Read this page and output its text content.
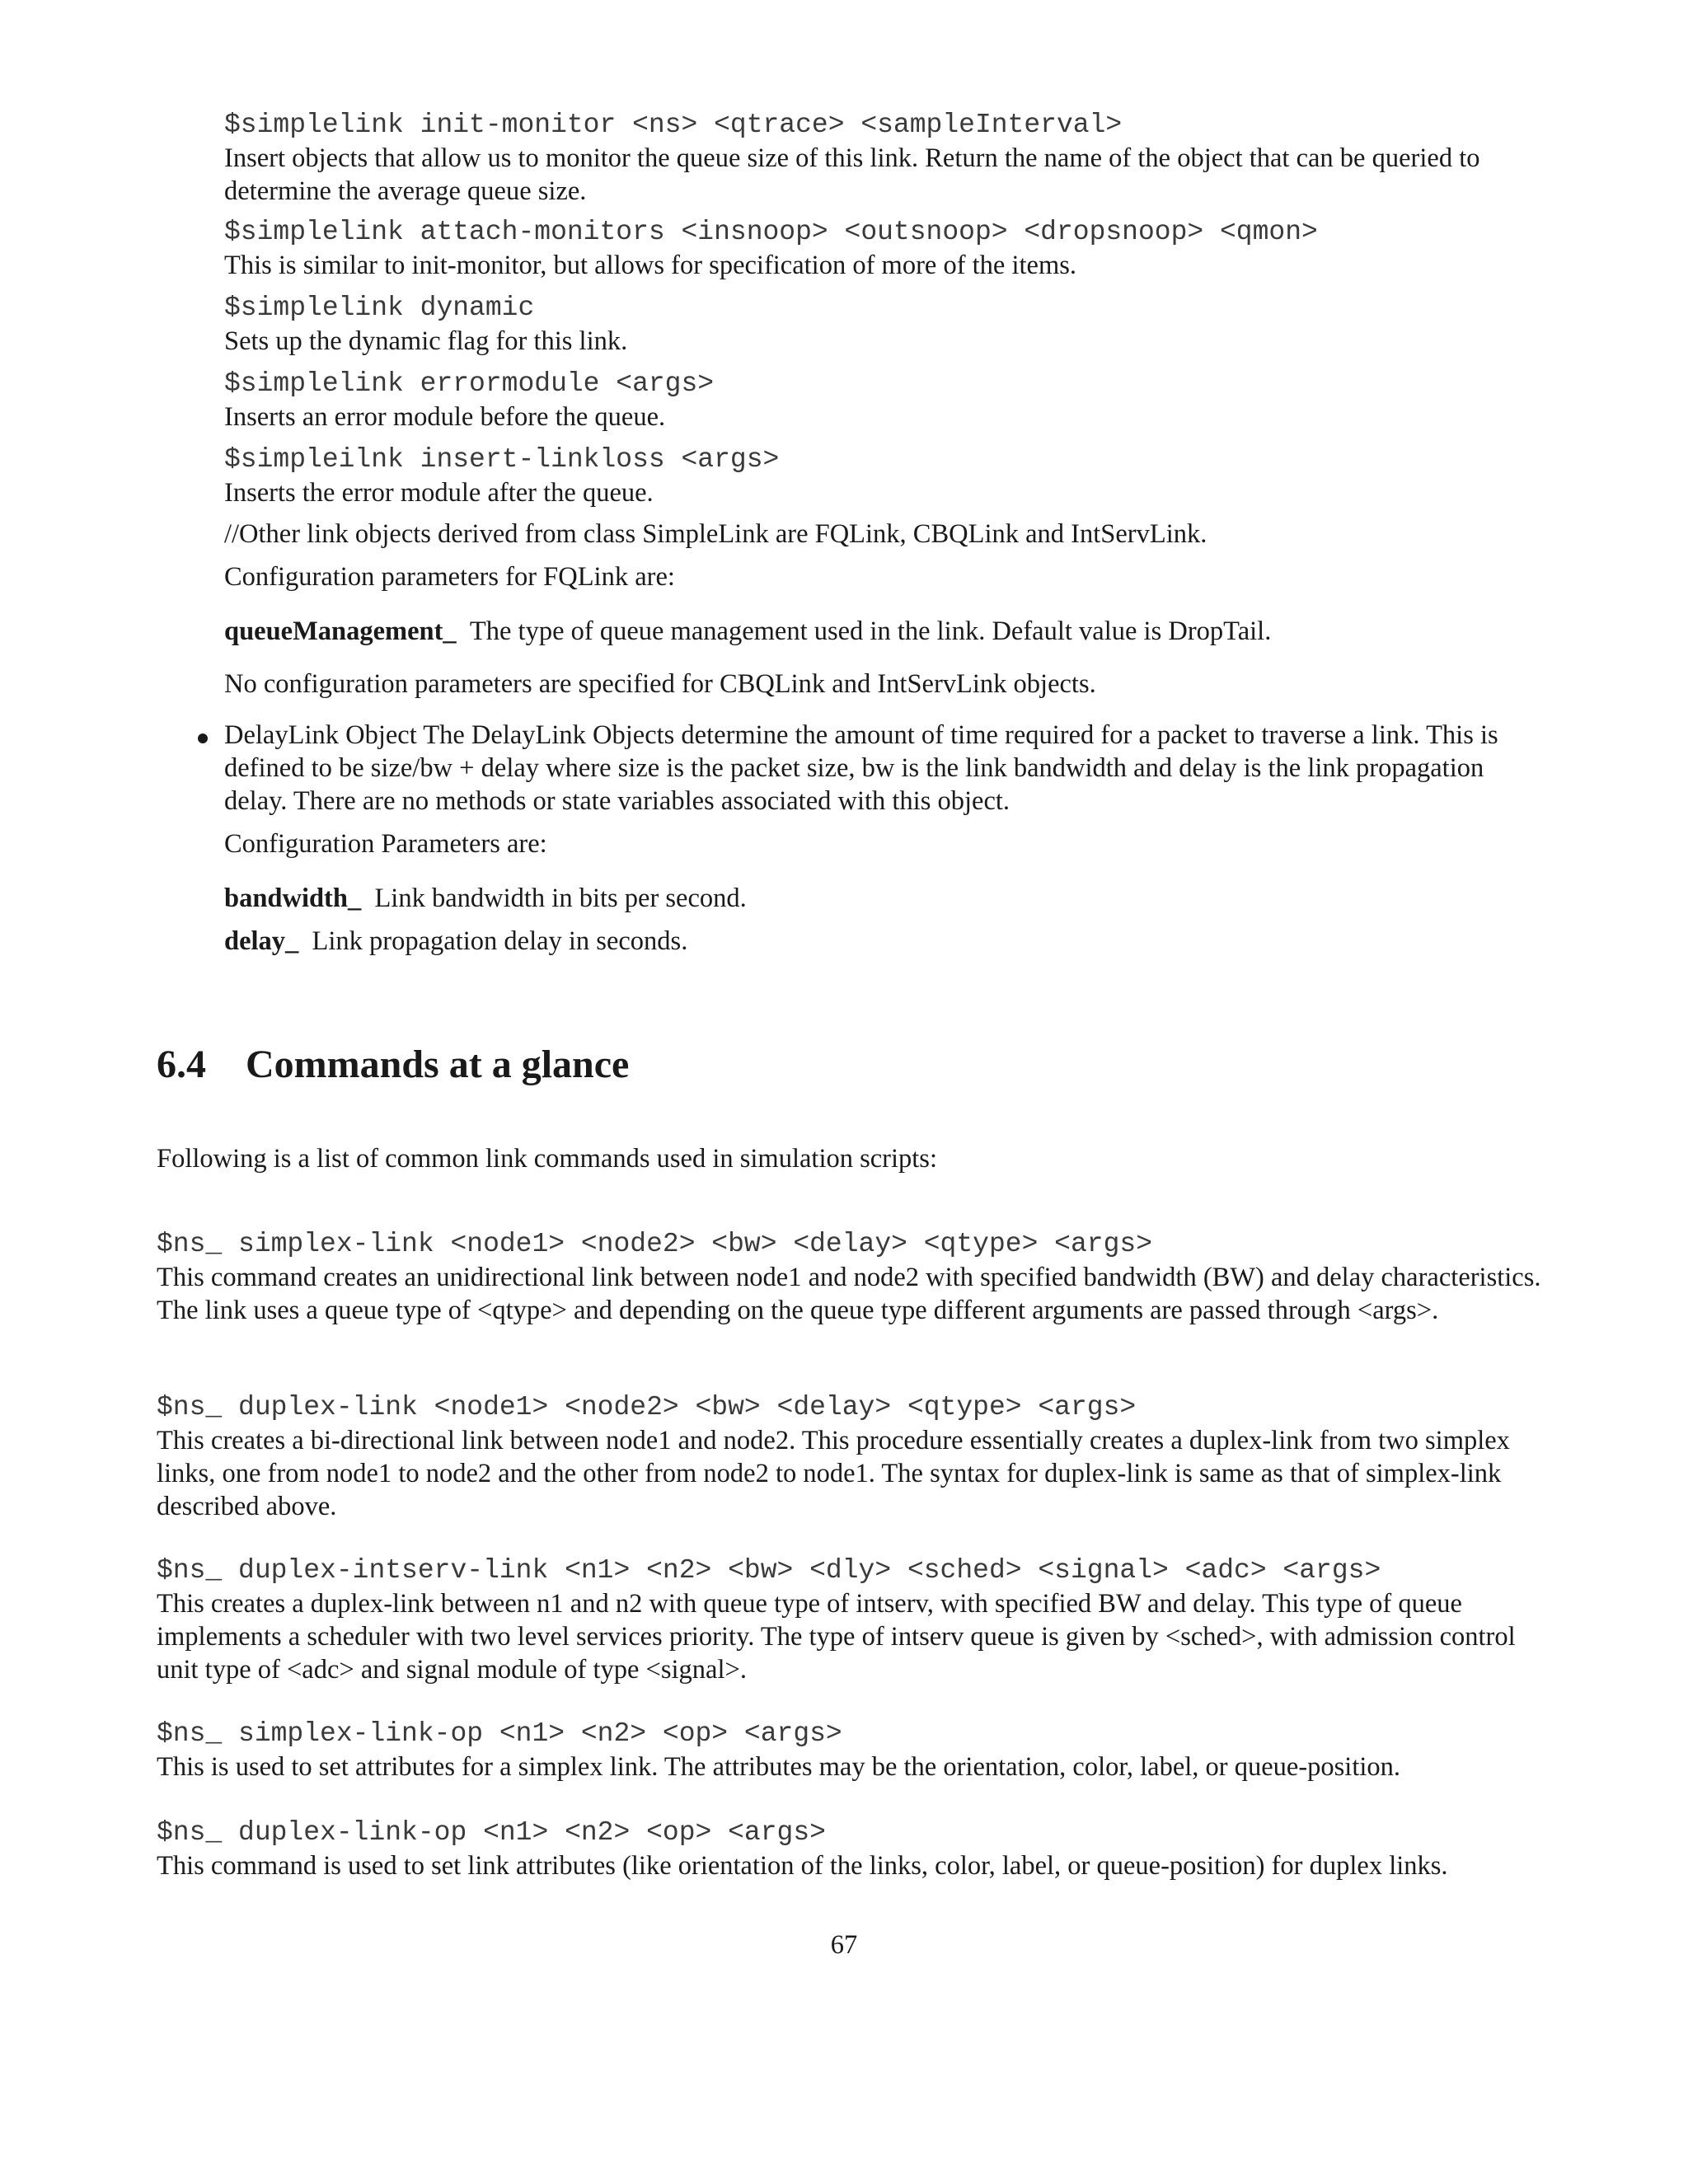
$simplelink init-monitor <ns> <qtrace> <sampleInterval>
Insert objects that allow us to monitor the queue size of this link. Return the name of the object that can be queried to determine the average queue size.
$simplelink attach-monitors <insnoop> <outsnoop> <dropsnoop> <qmon>
This is similar to init-monitor, but allows for specification of more of the items.
$simplelink dynamic
Sets up the dynamic flag for this link.
$simplelink errormodule <args>
Inserts an error module before the queue.
$simpleilnk insert-linkloss <args>
Inserts the error module after the queue.
//Other link objects derived from class SimpleLink are FQLink, CBQLink and IntServLink.
Configuration parameters for FQLink are:
queueManagement_ The type of queue management used in the link. Default value is DropTail.
No configuration parameters are specified for CBQLink and IntServLink objects.
DelayLink Object The DelayLink Objects determine the amount of time required for a packet to traverse a link. This is defined to be size/bw + delay where size is the packet size, bw is the link bandwidth and delay is the link propagation delay. There are no methods or state variables associated with this object.
Configuration Parameters are:
bandwidth_ Link bandwidth in bits per second.
delay_ Link propagation delay in seconds.
6.4 Commands at a glance
Following is a list of common link commands used in simulation scripts:
$ns_ simplex-link <node1> <node2> <bw> <delay> <qtype> <args>
This command creates an unidirectional link between node1 and node2 with specified bandwidth (BW) and delay characteristics. The link uses a queue type of <qtype> and depending on the queue type different arguments are passed through <args>.
$ns_ duplex-link <node1> <node2> <bw> <delay> <qtype> <args>
This creates a bi-directional link between node1 and node2. This procedure essentially creates a duplex-link from two simplex links, one from node1 to node2 and the other from node2 to node1. The syntax for duplex-link is same as that of simplex-link described above.
$ns_ duplex-intserv-link <n1> <n2> <bw> <dly> <sched> <signal> <adc> <args>
This creates a duplex-link between n1 and n2 with queue type of intserv, with specified BW and delay. This type of queue implements a scheduler with two level services priority. The type of intserv queue is given by <sched>, with admission control unit type of <adc> and signal module of type <signal>.
$ns_ simplex-link-op <n1> <n2> <op> <args>
This is used to set attributes for a simplex link. The attributes may be the orientation, color, label, or queue-position.
$ns_ duplex-link-op <n1> <n2> <op> <args>
This command is used to set link attributes (like orientation of the links, color, label, or queue-position) for duplex links.
67
